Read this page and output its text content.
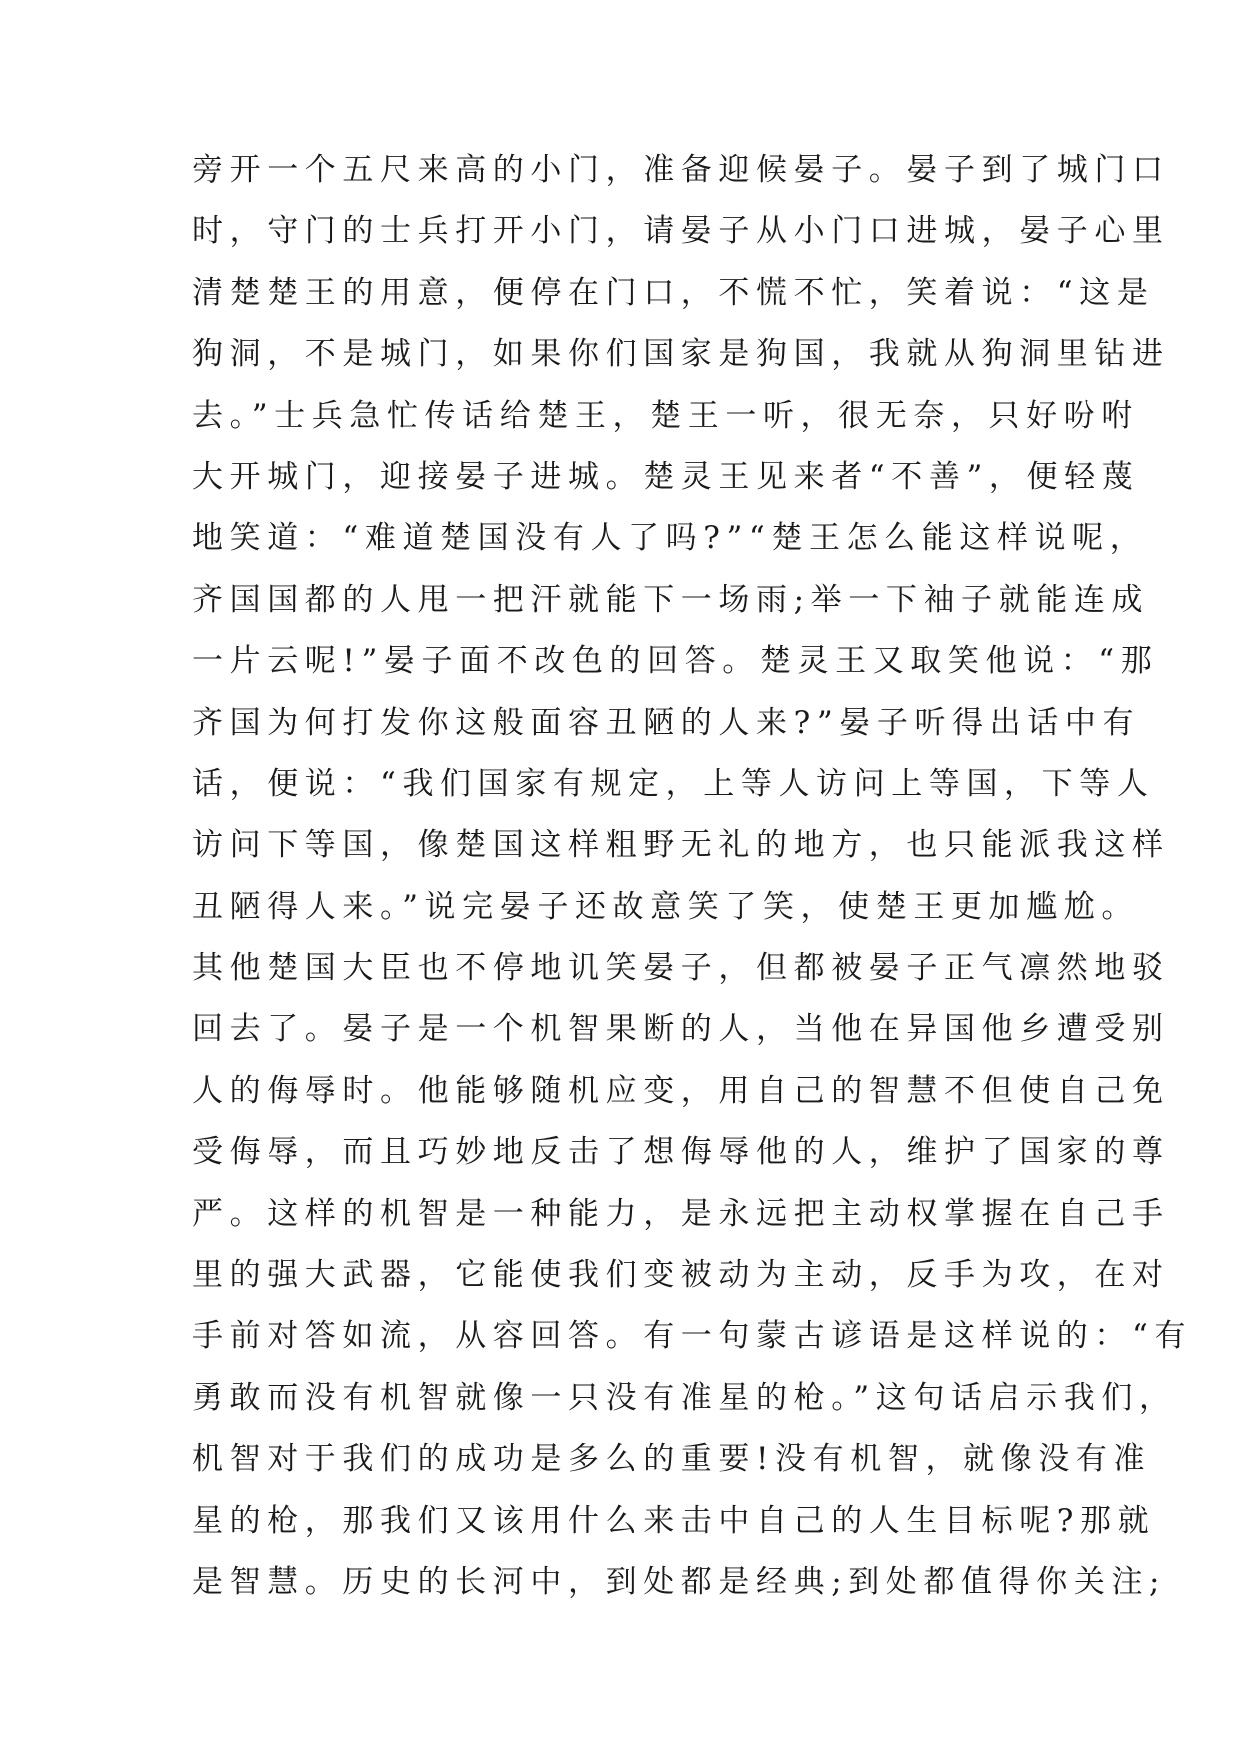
旁开一个五尺来高的小门，准备迎候晏子。晏子到了城门口
时，守门的士兵打开小门，请晏子从小门口进城，晏子心里
清楚楚王的用意，便停在门口，不慌不忙，笑着说：“这是
狗洞，不是城门，如果你们国家是狗国，我就从狗洞里钻进
去。”士兵急忙传话给楚王，楚王一听，很无奈，只好吩咐
大开城门，迎接晏子进城。楚灵王见来者“不善”，便轻蔑
地笑道：“难道楚国没有人了吗?”“楚王怎么能这样说呢，
齐国国都的人甩一把汗就能下一场雨;举一下袖子就能连成
一片云呢!”晏子面不改色的回答。楚灵王又取笑他说：“那
齐国为何打发你这般面容丑陋的人来?”晏子听得出话中有
话，便说：“我们国家有规定，上等人访问上等国，下等人
访问下等国，像楚国这样粗野无礼的地方，也只能派我这样
丑陋得人来。”说完晏子还故意笑了笑，使楚王更加尴尬。
其他楚国大臣也不停地讥笑晏子，但都被晏子正气凛然地驳
回去了。晏子是一个机智果断的人，当他在异国他乡遭受别
人的侮辱时。他能够随机应变，用自己的智慧不但使自己免
受侮辱，而且巧妙地反击了想侮辱他的人，维护了国家的尊
严。这样的机智是一种能力，是永远把主动权掌握在自己手
里的强大武器，它能使我们变被动为主动，反手为攻，在对
手前对答如流，从容回答。有一句蒙古谚语是这样说的：“有
勇敢而没有机智就像一只没有准星的枪。”这句话启示我们，
机智对于我们的成功是多么的重要!没有机智，就像没有准
星的枪，那我们又该用什么来击中自己的人生目标呢?那就
是智慧。历史的长河中，到处都是经典;到处都值得你关注;
